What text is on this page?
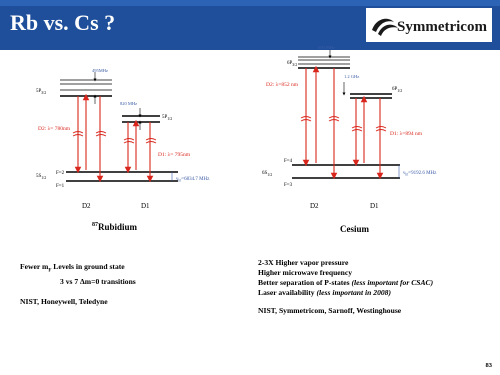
Rb vs. Cs ?	Symmetricom
495MHz
$5P_{3/2}$
820 MHz
$5P_{1/2}$
F=2
F=1
$5S_{1/2}$	$\nu_{hf}=6834.7$ MHz
D2: λ= 780nm
D1: λ= 795nm
D2	D1
600 MHz
$6P_{3/2}$
1.2 GHz
$6P_{1/2}$
F=4
F=3
$6S_{1/2}$	$\nu_{hf}=9192.6$ MHz
D2: λ=852 nm
D1: λ=894 nm
D2	D1
$^{87}$Rubidium	Cesium
Fewer $m_F$ Levels in ground state
3 vs 7 Δm=0 transitions
NIST, Honeywell, Teledyne
2-3X Higher vapor pressure
Higher microwave frequency
Better separation of P-states (less important for CSAC)
Laser availability (less important in 2008)
NIST, Symmetricom, Sarnoff, Westinghouse
83
